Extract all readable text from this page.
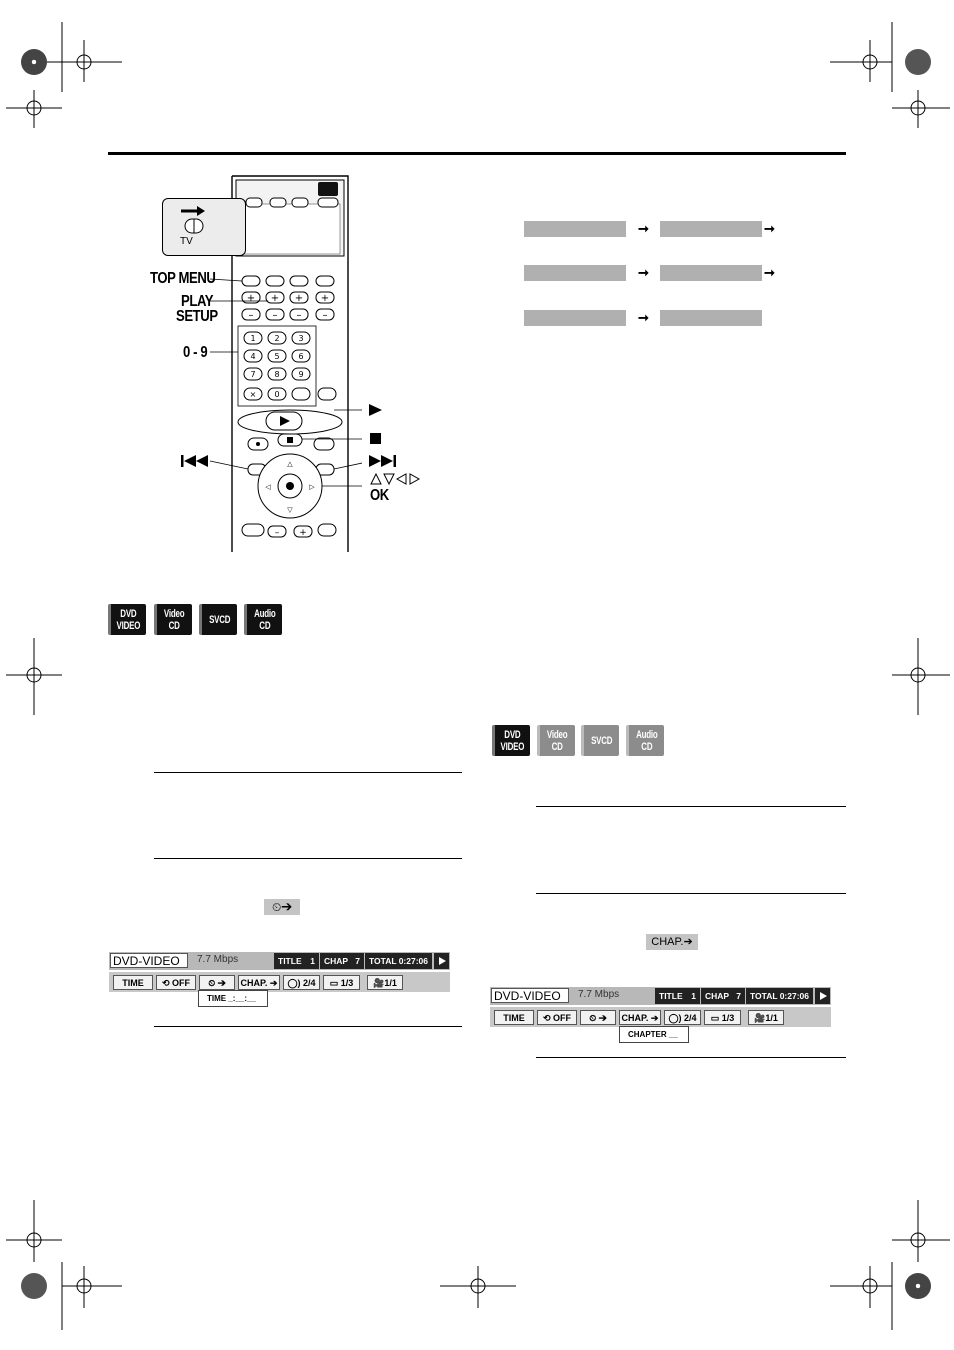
+ + + +
– – – –
1 2 3
4 5 6
7 8 9
0
×
△
▽
◁	▷
– +
TV
TOP MENU
PLAY
SETUP
0 - 9
OK
➞	➞
➞	➞
➞
DVD
VIDEO
Video
CD	SVCD Audio
CD
DVD
VIDEO
Video
CD	SVCD Audio
CD
⏲➔
CHAP.➔
DVD-VIDEO	7.7 Mbps	TITLE 1	CHAP 7	TOTAL 0:27:06
TIME	⟲ OFF	⏲ ➔	CHAP. ➔	◯) 2/4	▭ 1/3	🎥1/1
TIME _:__:__	DVD-VIDEO	7.7 Mbps	TITLE 1	CHAP 7	TOTAL 0:27:06
TIME	⟲ OFF	⏲ ➔	CHAP. ➔	◯) 2/4	▭ 1/3	🎥1/1
CHAPTER __
